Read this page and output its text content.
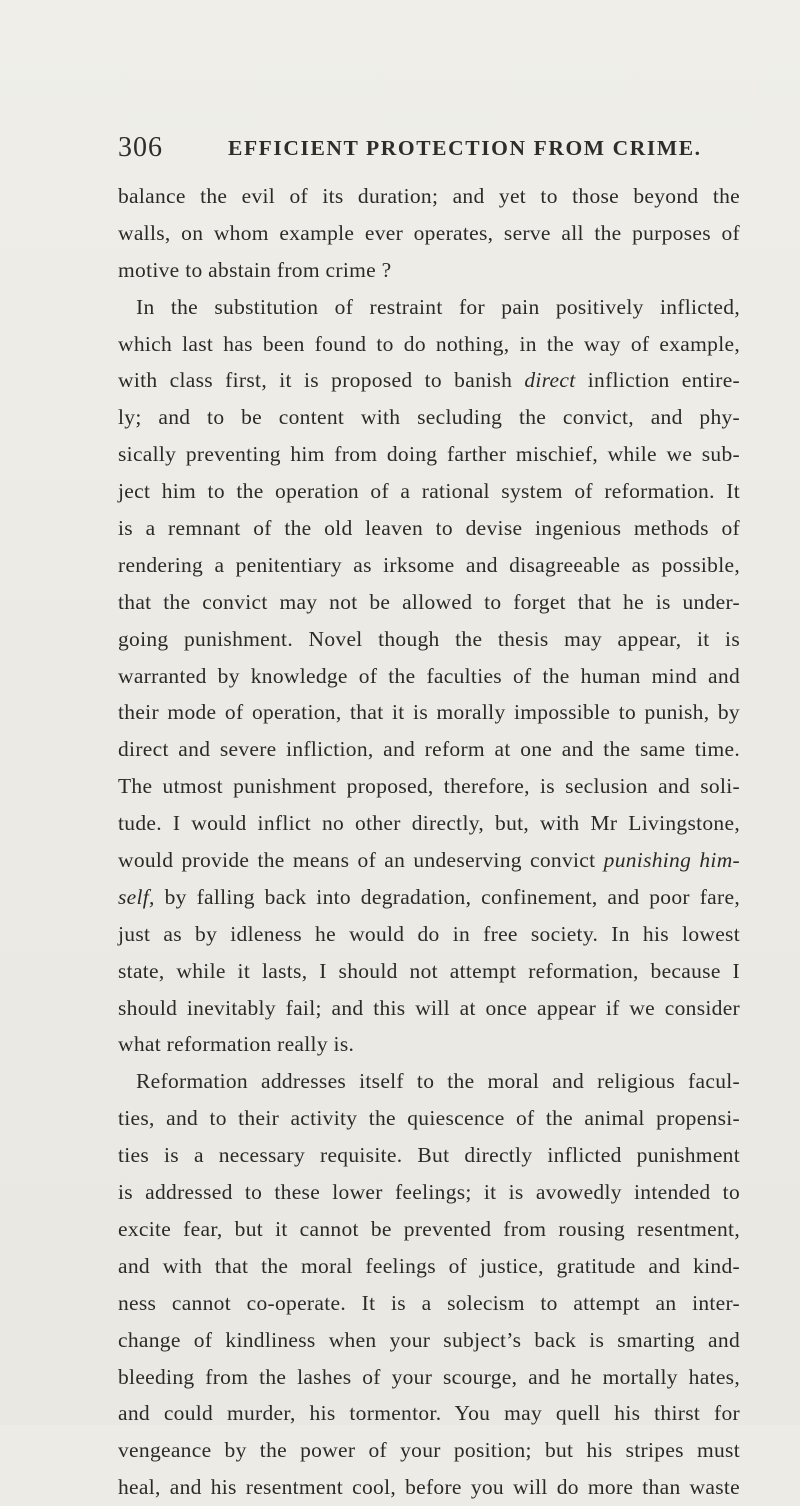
306	EFFICIENT PROTECTION FROM CRIME.
balance the evil of its duration; and yet to those beyond the
walls, on whom example ever operates, serve all the purposes of
motive to abstain from crime ?
In the substitution of restraint for pain positively inflicted,
which last has been found to do nothing, in the way of example,
with class first, it is proposed to banish direct infliction entire-
ly; and to be content with secluding the convict, and phy-
sically preventing him from doing farther mischief, while we sub-
ject him to the operation of a rational system of reformation. It
is a remnant of the old leaven to devise ingenious methods of
rendering a penitentiary as irksome and disagreeable as possible,
that the convict may not be allowed to forget that he is under-
going punishment. Novel though the thesis may appear, it is
warranted by knowledge of the faculties of the human mind and
their mode of operation, that it is morally impossible to punish, by
direct and severe infliction, and reform at one and the same time.
The utmost punishment proposed, therefore, is seclusion and soli-
tude. I would inflict no other directly, but, with Mr Livingstone,
would provide the means of an undeserving convict punishing him-
self, by falling back into degradation, confinement, and poor fare,
just as by idleness he would do in free society. In his lowest
state, while it lasts, I should not attempt reformation, because I
should inevitably fail; and this will at once appear if we consider
what reformation really is.
Reformation addresses itself to the moral and religious facul-
ties, and to their activity the quiescence of the animal propensi-
ties is a necessary requisite. But directly inflicted punishment
is addressed to these lower feelings; it is avowedly intended to
excite fear, but it cannot be prevented from rousing resentment,
and with that the moral feelings of justice, gratitude and kind-
ness cannot co-operate. It is a solecism to attempt an inter-
change of kindliness when your subject’s back is smarting and
bleeding from the lashes of your scourge, and he mortally hates,
and could murder, his tormentor. You may quell his thirst for
vengeance by the power of your position; but his stripes must
heal, and his resentment cool, before you will do more than waste
